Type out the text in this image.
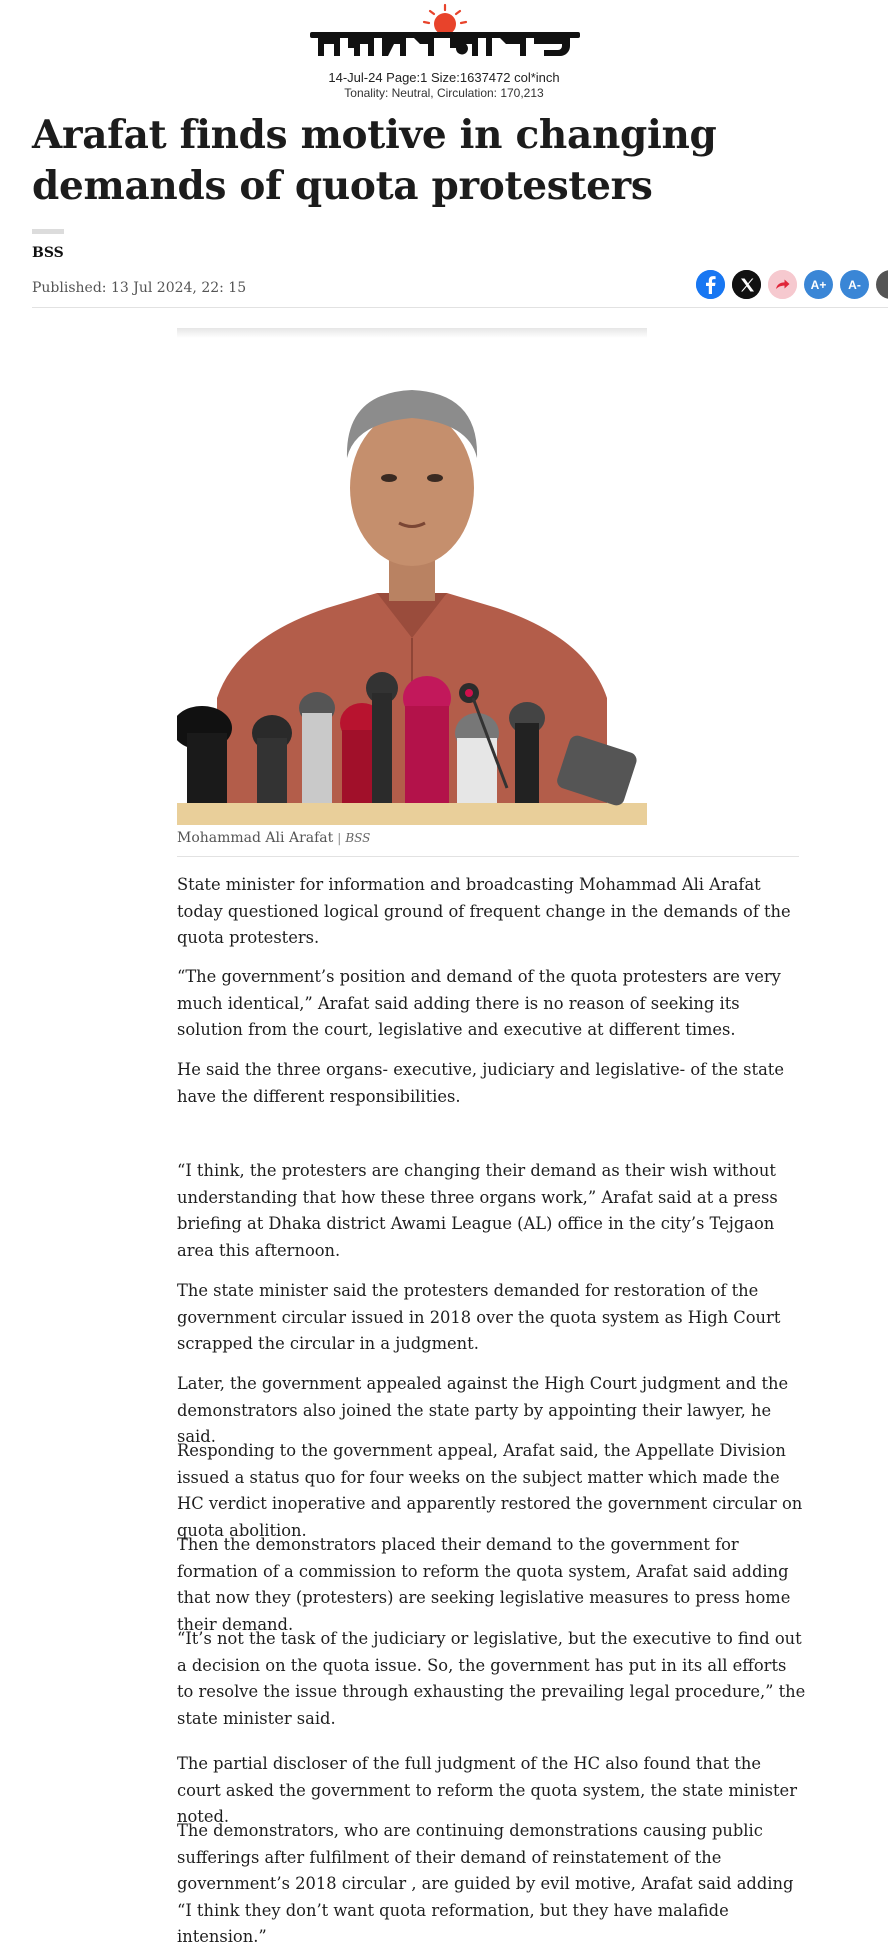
14-Jul-24 Page:1 Size:1637472 col*inch
Tonality: Neutral, Circulation: 170,213
Arafat finds motive in changing demands of quota protesters
BSS
Published: 13 Jul 2024, 22: 15	A+	A-
Mohammad Ali Arafat | BSS

State minister for information and broadcasting Mohammad Ali Arafat today questioned logical ground of frequent change in the demands of the quota protesters.

“The government’s position and demand of the quota protesters are very much identical,” Arafat said adding there is no reason of seeking its solution from the court, legislative and executive at different times.

He said the three organs- executive, judiciary and legislative- of the state have the different responsibilities.

“I think, the protesters are changing their demand as their wish without understanding that how these three organs work,” Arafat said at a press briefing at Dhaka district Awami League (AL) office in the city’s Tejgaon area this afternoon.

The state minister said the protesters demanded for restoration of the government circular issued in 2018 over the quota system as High Court scrapped the circular in a judgment.

Later, the government appealed against the High Court judgment and the demonstrators also joined the state party by appointing their lawyer, he said.

Responding to the government appeal, Arafat said, the Appellate Division issued a status quo for four weeks on the subject matter which made the HC verdict inoperative and apparently restored the government circular on quota abolition.

Then the demonstrators placed their demand to the government for formation of a commission to reform the quota system, Arafat said adding that now they (protesters) are seeking legislative measures to press home their demand.

“It’s not the task of the judiciary or legislative, but the executive to find out a decision on the quota issue. So, the government has put in its all efforts to resolve the issue through exhausting the prevailing legal procedure,” the state minister said.

The partial discloser of the full judgment of the HC also found that the court asked the government to reform the quota system, the state minister noted.

The demonstrators, who are continuing demonstrations causing public sufferings after fulfilment of their demand of reinstatement of the government’s 2018 circular , are guided by evil motive, Arafat said adding “I think they don’t want quota reformation, but they have malafide intension.”
